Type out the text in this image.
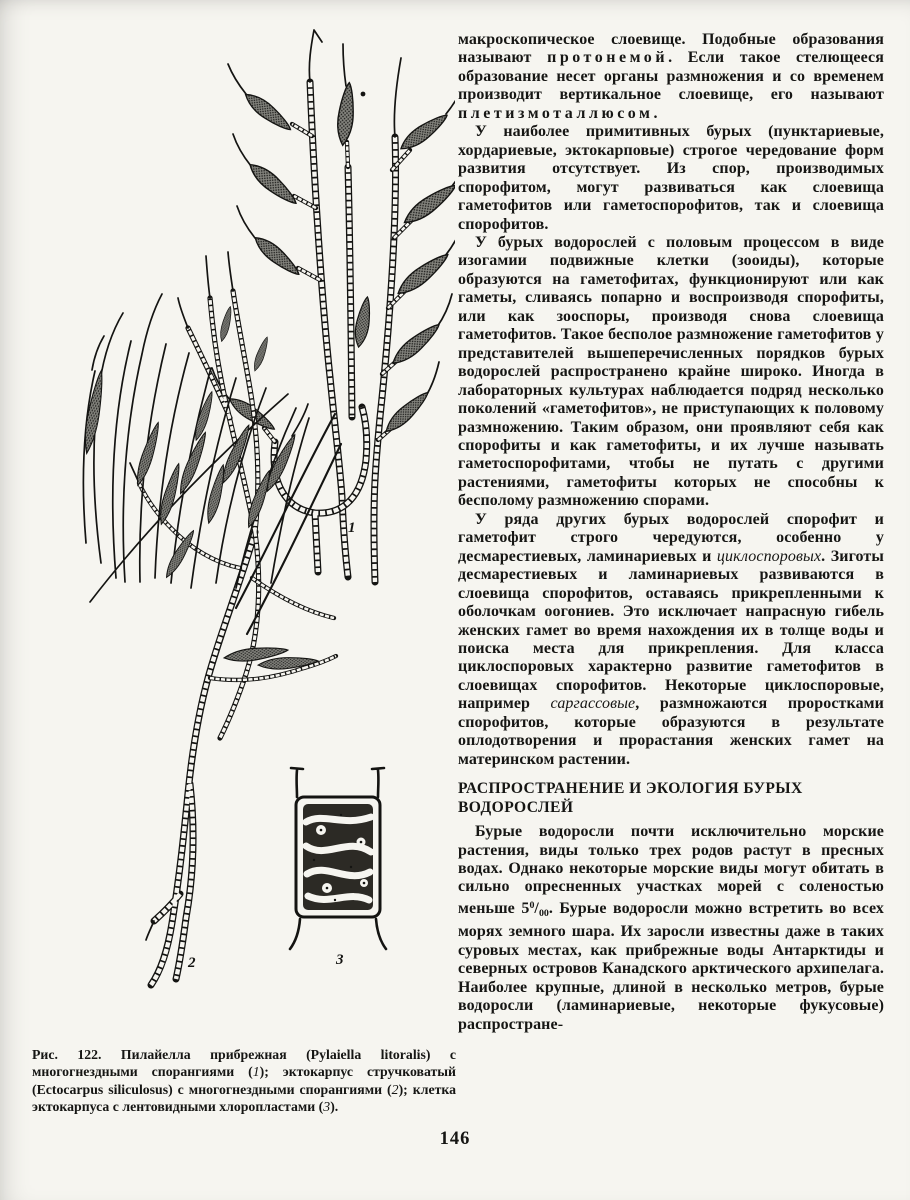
1
2	3

макроскопическое слоевище. Подобные образования называют протонемой. Если такое стелющееся образование несет органы размножения и со временем производит вертикальное слоевище, его называют плетизмоталлюсом.

У наиболее примитивных бурых (пунктариевые, хордариевые, эктокарповые) строгое чередование форм развития отсутствует. Из спор, производимых спорофитом, могут развиваться как слоевища гаметофитов или гаметоспорофитов, так и слоевища спорофитов.

У бурых водорослей с половым процессом в виде изогамии подвижные клетки (зооиды), которые образуются на гаметофитах, функционируют или как гаметы, сливаясь попарно и воспроизводя спорофиты, или как зооспоры, производя снова слоевища гаметофитов. Такое бесполое размножение гаметофитов у представителей вышеперечисленных порядков бурых водорослей распространено крайне широко. Иногда в лабораторных культурах наблюдается подряд несколько поколений «гаметофитов», не приступающих к половому размножению. Таким образом, они проявляют себя как спорофиты и как гаметофиты, и их лучше называть гаметоспорофитами, чтобы не путать с другими растениями, гаметофиты которых не способны к бесполому размножению спорами.

У ряда других бурых водорослей спорофит и гаметофит строго чередуются, особенно у десмарестиевых, ламинариевых и циклоспоровых. Зиготы десмарестиевых и ламинариевых развиваются в слоевища спорофитов, оставаясь прикрепленными к оболочкам оогониев. Это исключает напрасную гибель женских гамет во время нахождения их в толще воды и поиска места для прикрепления. Для класса циклоспоровых характерно развитие гаметофитов в слоевищах спорофитов. Некоторые циклоспоровые, например саргассовые, размножаются проростками спорофитов, которые образуются в результате оплодотворения и прорастания женских гамет на материнском растении.

РАСПРОСТРАНЕНИЕ И ЭКОЛОГИЯ БУРЫХ ВОДОРОСЛЕЙ

Бурые водоросли почти исключительно морские растения, виды только трех родов растут в пресных водах. Однако некоторые морские виды могут обитать в сильно опресненных участках морей с соленостью меньше $5^0/00$. Бурые водоросли можно встретить во всех морях земного шара. Их заросли известны даже в таких суровых местах, как прибрежные воды Антарктиды и северных островов Канадского арктического архипелага. Наиболее крупные, длиной в несколько метров, бурые водоросли (ламинариевые, некоторые фукусовые) распростране-

Рис. 122. Пилайелла прибрежная (Pylaiella litoralis) с многогнездными спорангиями (1); эктокарпус стручковатый (Ectocarpus siliculosus) с многогнездными спорангиями (2); клетка эктокарпуса с лентовидными хлоропластами (3).
146
